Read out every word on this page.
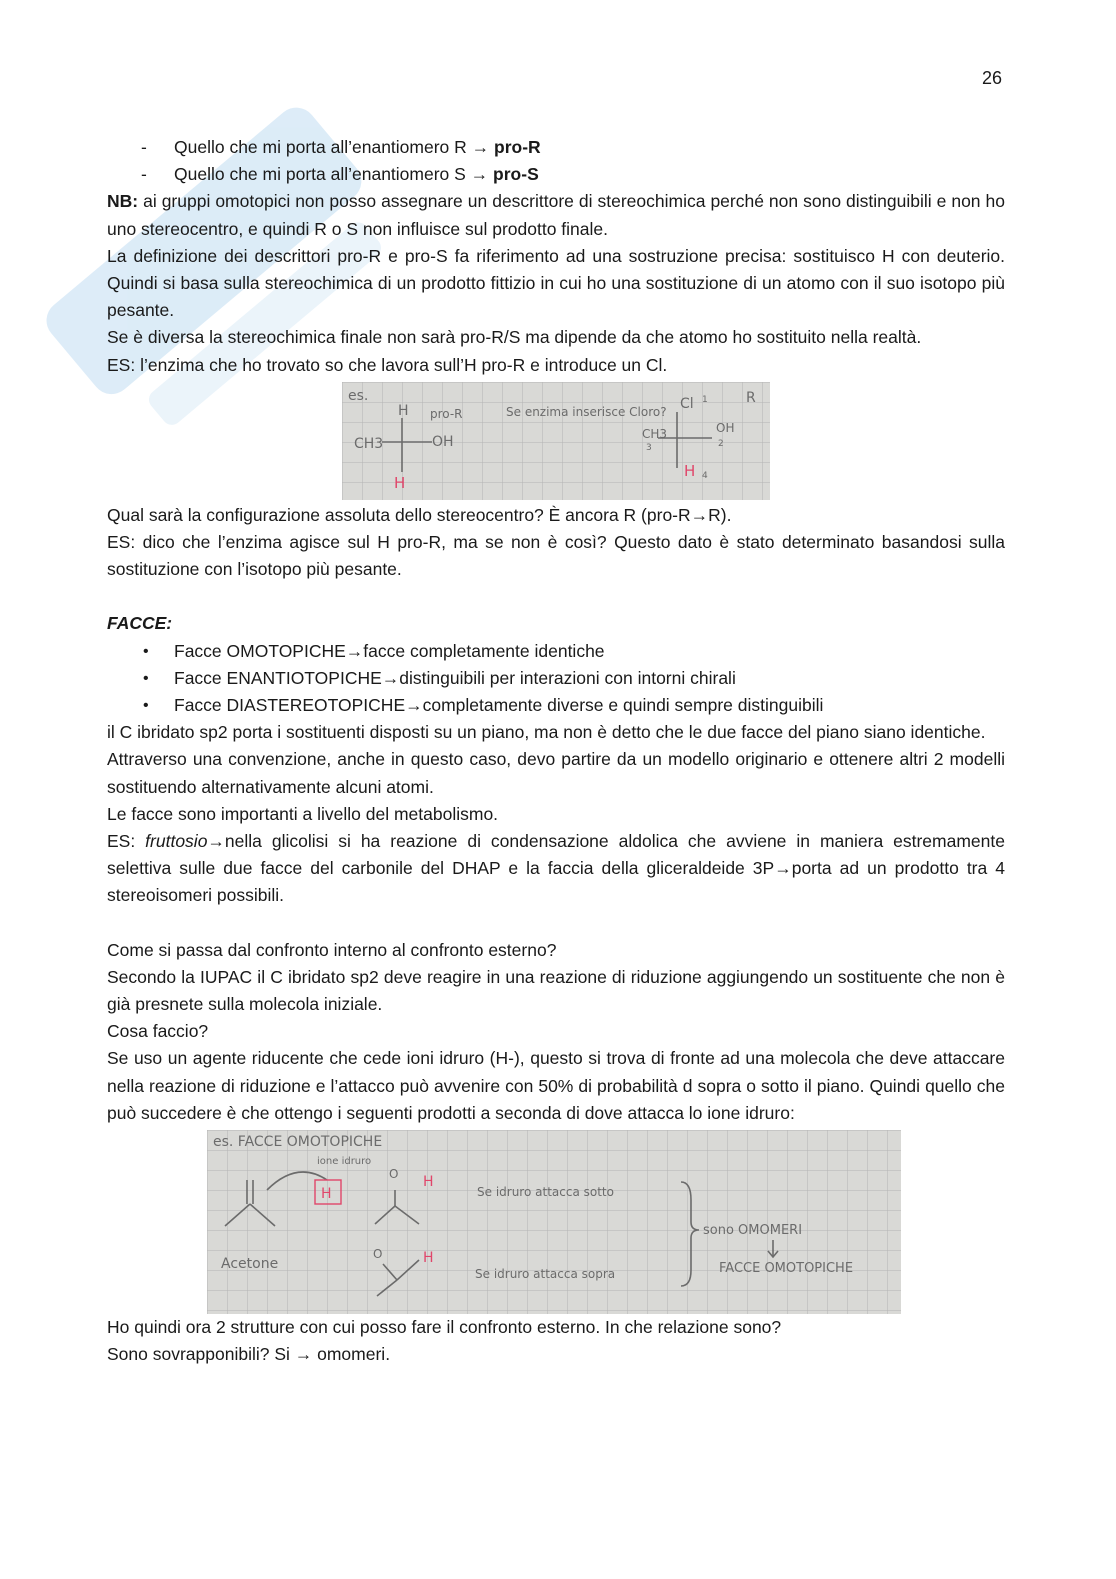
26
- Quello che mi porta all’enantiomero R → pro-R
- Quello che mi porta all’enantiomero S → pro-S

NB: ai gruppi omotopici non posso assegnare un descrittore di stereochimica perché non sono distinguibili e non ho uno stereocentro, e quindi R o S non influisce sul prodotto finale.

La definizione dei descrittori pro-R e pro-S fa riferimento ad una sostruzione precisa: sostituisco H con deuterio. Quindi si basa sulla stereochimica di un prodotto fittizio in cui ho una sostituzione di un atomo con il suo isotopo più pesante.

Se è diversa la stereochimica finale non sarà pro-R/S ma dipende da che atomo ho sostituito nella realtà.

ES: l’enzima che ho trovato so che lavora sull’H pro-R e introduce un Cl.

es.
H pro-R
CH3	OH
Se enzima inserisce Cloro? Cl	R
CH3	OH
1
2
3
4
H
H

Qual sarà la configurazione assoluta dello stereocentro? È ancora R (pro-R→R).

ES: dico che l’enzima agisce sul H pro-R, ma se non è così? Questo dato è stato determinato basandosi sulla sostituzione con l’isotopo più pesante.

FACCE:

• Facce OMOTOPICHE→facce completamente identiche
• Facce ENANTIOTOPICHE→distinguibili per interazioni con intorni chirali
• Facce DIASTEREOTOPICHE→completamente diverse e quindi sempre distinguibili

il C ibridato sp2 porta i sostituenti disposti su un piano, ma non è detto che le due facce del piano siano identiche.

Attraverso una convenzione, anche in questo caso, devo partire da un modello originario e ottenere altri 2 modelli sostituendo alternativamente alcuni atomi.

Le facce sono importanti a livello del metabolismo.

ES: fruttosio→nella glicolisi si ha reazione di condensazione aldolica che avviene in maniera estremamente selettiva sulle due facce del carbonile del DHAP e la faccia della gliceraldeide 3P→porta ad un prodotto tra 4 stereoisomeri possibili.

Come si passa dal confronto interno al confronto esterno?

Secondo la IUPAC il C ibridato sp2 deve reagire in una reazione di riduzione aggiungendo un sostituente che non è già presnete sulla molecola iniziale.

Cosa faccio?

Se uso un agente riducente che cede ioni idruro (H-), questo si trova di fronte ad una molecola che deve attaccare nella reazione di riduzione e l’attacco può avvenire con 50% di probabilità d sopra o sotto il piano. Quindi quello che può succedere è che ottengo i seguenti prodotti a seconda di dove attacca lo ione idruro:

es. FACCE OMOTOPICHE
ione idruro
Acetone
Se idruro attacca sotto
Se idruro attacca sopra
sono OMOMERI
FACCE OMOTOPICHE
O
O
H
H
H

Ho quindi ora 2 strutture con cui posso fare il confronto esterno. In che relazione sono?

Sono sovrapponibili? Si → omomeri.
